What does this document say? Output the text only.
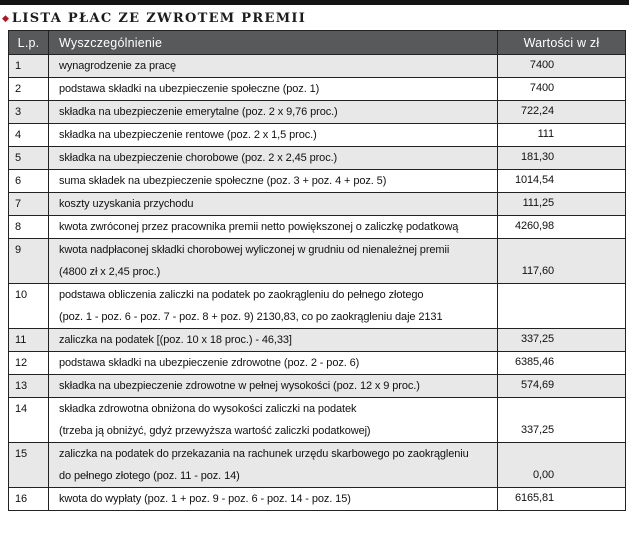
◆ LISTA PŁAC ZE ZWROTEM PREMII
L.p.	Wyszczególnienie	Wartości w zł
1	wynagrodzenie za pracę	7400
2	podstawa składki na ubezpieczenie społeczne (poz. 1)	7400
3	składka na ubezpieczenie emerytalne (poz. 2 x 9,76 proc.)	722,24
4	składka na ubezpieczenie rentowe (poz. 2 x 1,5 proc.)	111
5	składka na ubezpieczenie chorobowe (poz. 2 x 2,45 proc.)	181,30
6	suma składek na ubezpieczenie społeczne (poz. 3 + poz. 4 + poz. 5)	1014,54
7	koszty uzyskania przychodu	111,25
8	kwota zwróconej przez pracownika premii netto powiększonej o zaliczkę podatkową	4260,98
9	kwota nadpłaconej składki chorobowej wyliczonej w grudniu od nienależnej premii
(4800 zł x 2,45 proc.)	117,60
10	podstawa obliczenia zaliczki na podatek po zaokrągleniu do pełnego złotego
(poz. 1 - poz. 6 - poz. 7 - poz. 8 + poz. 9) 2130,83, co po zaokrągleniu daje 2131	

11	zaliczka na podatek [(poz. 10 x 18 proc.) - 46,33]	337,25
12	podstawa składki na ubezpieczenie zdrowotne (poz. 2 - poz. 6)	6385,46
13	składka na ubezpieczenie zdrowotne w pełnej wysokości (poz. 12 x 9 proc.)	574,69
14	składka zdrowotna obniżona do wysokości zaliczki na podatek
(trzeba ją obniżyć, gdyż przewyższa wartość zaliczki podatkowej)	337,25
15	zaliczka na podatek do przekazania na rachunek urzędu skarbowego po zaokrągleniu
do pełnego złotego (poz. 11 - poz. 14)	0,00
16	kwota do wypłaty (poz. 1 + poz. 9 - poz. 6 - poz. 14 - poz. 15)	6165,81
